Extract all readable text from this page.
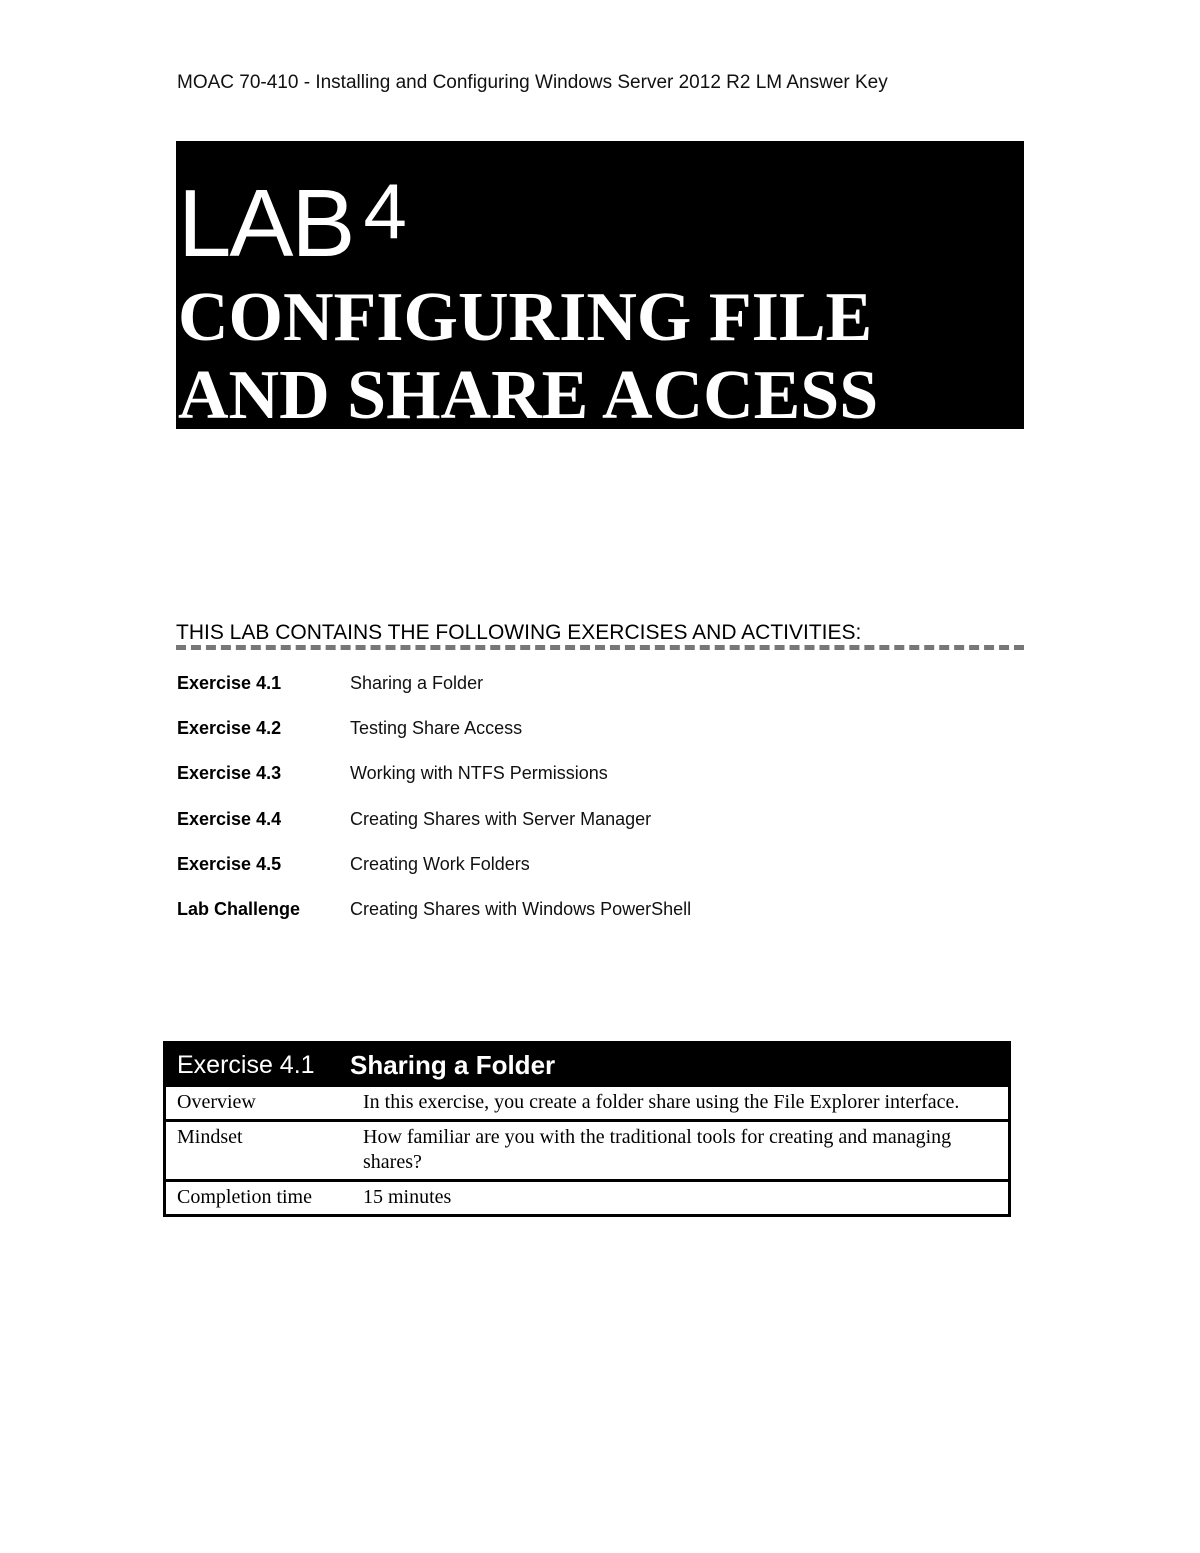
MOAC 70-410 - Installing and Configuring Windows Server 2012 R2 LM Answer Key
LAB 4
CONFIGURING FILE
AND SHARE ACCESS
THIS LAB CONTAINS THE FOLLOWING EXERCISES AND ACTIVITIES:
Exercise 4.1	Sharing a Folder
Exercise 4.2	Testing Share Access
Exercise 4.3	Working with NTFS Permissions
Exercise 4.4	Creating Shares with Server Manager
Exercise 4.5	Creating Work Folders
Lab Challenge	Creating Shares with Windows PowerShell
Exercise 4.1	Sharing a Folder
Overview	In this exercise, you create a folder share using the File Explorer interface.
Mindset	How familiar are you with the traditional tools for creating and managing shares?
Completion time	15 minutes
